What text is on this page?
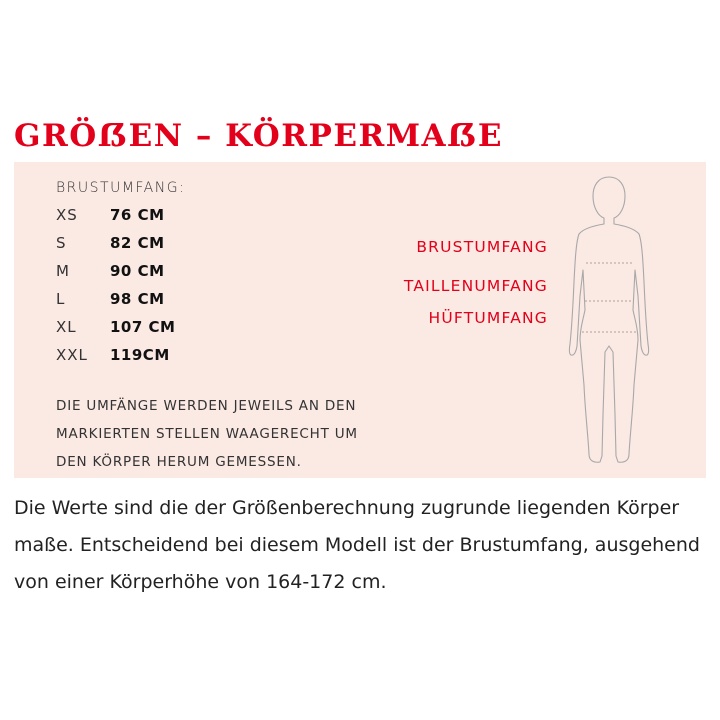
GRÖẞEN – KÖRPERMAẞE
BRUSTUMFANG:
XS	76 CM
S	82 CM
M	90 CM
L	98 CM
XL	107 CM
XXL	119CM
DIE UMFÄNGE WERDEN JEWEILS AN DEN
MARKIERTEN STELLEN WAAGERECHT UM
DEN KÖRPER HERUM GEMESSEN.
BRUSTUMFANG
TAILLENUMFANG
HÜFTUMFANG
Die Werte sind die der Größenberechnung zugrunde liegenden Körper
maße. Entscheidend bei diesem Modell ist der Brustumfang, ausgehend
von einer Körperhöhe von 164-172 cm.
